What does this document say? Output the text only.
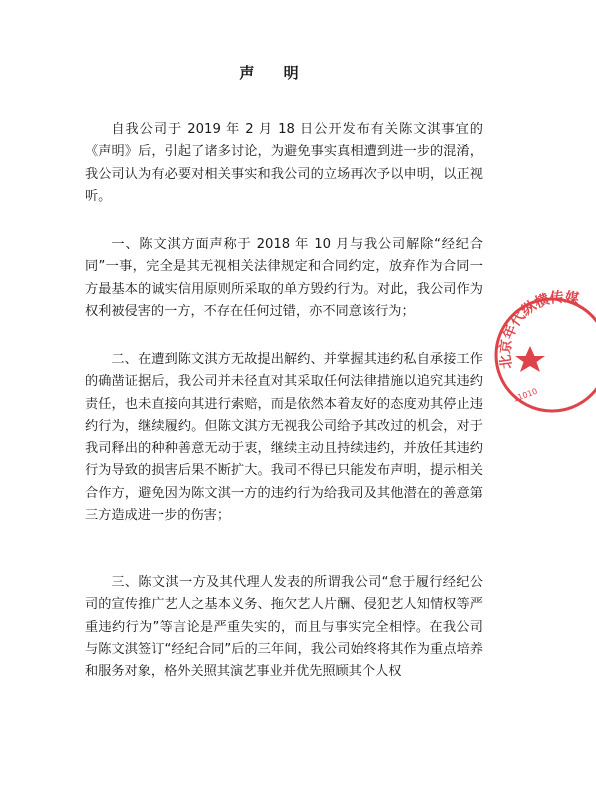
声 明
自我公司于 2019 年 2 月 18 日公开发布有关陈文淇事宜的《声明》后，引起了诸多讨论，为避免事实真相遭到进一步的混淆，我公司认为有必要对相关事实和我公司的立场再次予以申明，以正视听。
一、陈文淇方面声称于 2018 年 10 月与我公司解除“经纪合同”一事，完全是其无视相关法律规定和合同约定，放弃作为合同一方最基本的诚实信用原则所采取的单方毁约行为。对此，我公司作为权利被侵害的一方，不存在任何过错，亦不同意该行为；
二、在遭到陈文淇方无故提出解约、并掌握其违约私自承接工作的确凿证据后，我公司并未径直对其采取任何法律措施以追究其违约责任，也未直接向其进行索赔，而是依然本着友好的态度劝其停止违约行为，继续履约。但陈文淇方无视我公司给予其改过的机会，对于我司释出的种种善意无动于衷，继续主动且持续违约，并放任其违约行为导致的损害后果不断扩大。我司不得已只能发布声明，提示相关合作方，避免因为陈文淇一方的违约行为给我司及其他潜在的善意第三方造成进一步的伤害；
三、陈文淇一方及其代理人发表的所谓我公司“怠于履行经纪公司的宣传推广艺人之基本义务、拖欠艺人片酬、侵犯艺人知情权等严重违约行为”等言论是严重失实的，而且与事实完全相悖。在我公司与陈文淇签订“经纪合同”后的三年间，我公司始终将其作为重点培养和服务对象，格外关照其演艺事业并优先照顾其个人权
北京年代纵横传媒
11010
